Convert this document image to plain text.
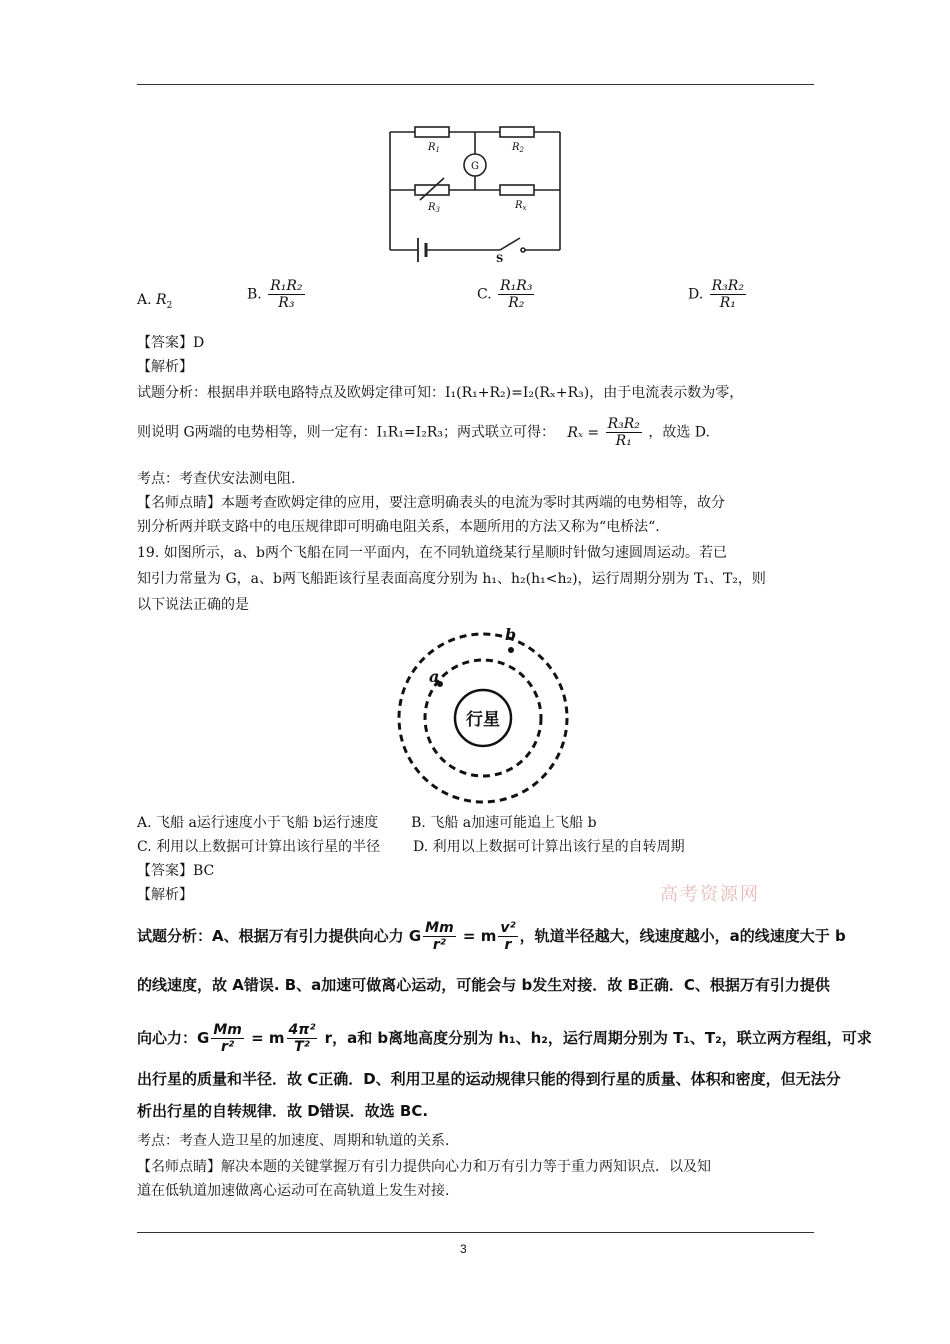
$R_1$	$R_2$
$R_3$	$R_x$
G
S
A. $R_2$
B. $\frac{\text{R₁R₂}}{\text{R₃}}$	C. $\frac{\text{R₁R₃}}{\text{R₂}}$	D. $\frac{\text{R₃R₂}}{\text{R₁}}$
【答案】D
【解析】
试题分析：根据串并联电路特点及欧姆定律可知：I₁(R₁+R₂)=I₂(Rₓ+R₃)，由于电流表示数为零，
则说明 G两端的电势相等，则一定有：I₁R₁=I₂R₃；两式联立可得： $R_x = \frac{\text{R₃R₂}}{\text{R₁}}$ ，故选 D.
考点：考查伏安法测电阻.
【名师点睛】本题考查欧姆定律的应用，要注意明确表头的电流为零时其两端的电势相等，故分
别分析两并联支路中的电压规律即可明确电阻关系，本题所用的方法又称为“电桥法“.
19. 如图所示，a、b两个飞船在同一平面内，在不同轨道绕某行星顺时针做匀速圆周运动。若已
知引力常量为 G，a、b两飞船距该行星表面高度分别为 h₁、h₂(h₁<h₂)，运行周期分别为 T₁、T₂，则
以下说法正确的是
行星
b
a
A. 飞船 a运行速度小于飞船 b运行速度 B. 飞船 a加速可能追上飞船 b
C. 利用以上数据可计算出该行星的半径 D. 利用以上数据可计算出该行星的自转周期
【答案】BC
【解析】	高考资源网
试题分析：A、根据万有引力提供向心力 G $\frac{Mm}{\text{r²}} = m \frac{\text{v²}}{r}$ ，轨道半径越大，线速度越小，a的线速度大于 b
的线速度，故 A错误. B、a加速可做离心运动，可能会与 b发生对接．故 B正确．C、根据万有引力提供
向心力：G $\frac{Mm}{\text{r²}} = m \frac{\text{4π²}}{\text{T²}}$ r，a和 b离地高度分别为 h₁、h₂，运行周期分别为 T₁、T₂，联立两方程组，可求
出行星的质量和半径．故 C正确．D、利用卫星的运动规律只能的得到行星的质量、体积和密度，但无法分
析出行星的自转规律．故 D错误．故选 BC.
考点：考查人造卫星的加速度、周期和轨道的关系.
【名师点睛】解决本题的关键掌握万有引力提供向心力和万有引力等于重力两知识点．以及知
道在低轨道加速做离心运动可在高轨道上发生对接.
3
